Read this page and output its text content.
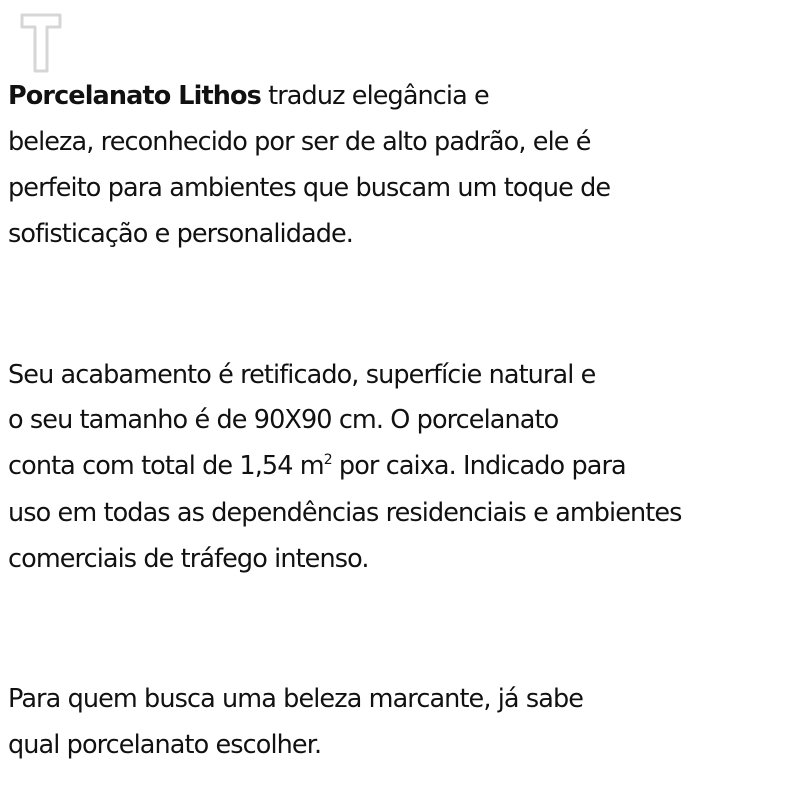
Porcelanato Lithos traduz elegância e
beleza, reconhecido por ser de alto padrão, ele é
perfeito para ambientes que buscam um toque de
sofisticação e personalidade.
Seu acabamento é retificado, superfície natural e
o seu tamanho é de 90X90 cm. O porcelanato
conta com total de 1,54 $m^2$ por caixa. Indicado para
uso em todas as dependências residenciais e ambientes
comerciais de tráfego intenso.
Para quem busca uma beleza marcante, já sabe
qual porcelanato escolher.
